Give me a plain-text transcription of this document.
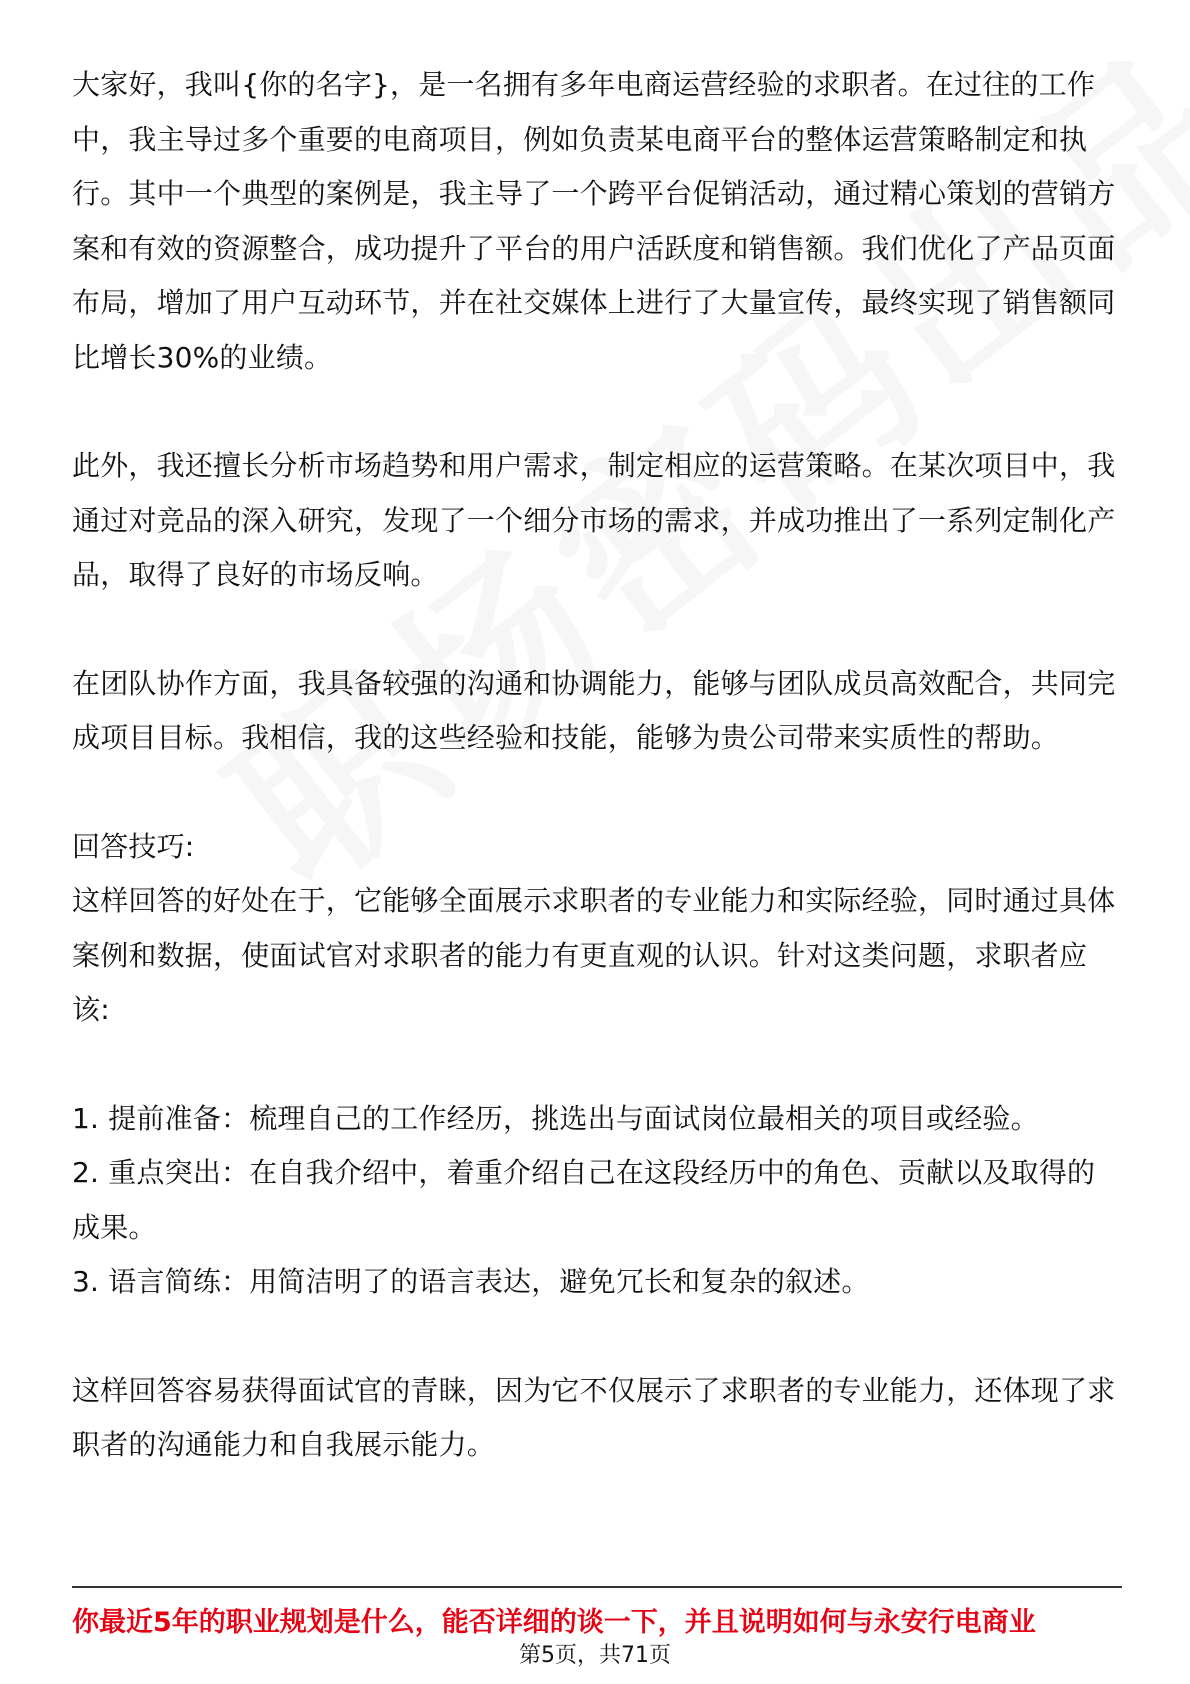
大家好，我叫{你的名字}，是一名拥有多年电商运营经验的求职者。在过往的工作中，我主导过多个重要的电商项目，例如负责某电商平台的整体运营策略制定和执行。其中一个典型的案例是，我主导了一个跨平台促销活动，通过精心策划的营销方案和有效的资源整合，成功提升了平台的用户活跃度和销售额。我们优化了产品页面布局，增加了用户互动环节，并在社交媒体上进行了大量宣传，最终实现了销售额同比增长30%的业绩。

此外，我还擅长分析市场趋势和用户需求，制定相应的运营策略。在某次项目中，我通过对竞品的深入研究，发现了一个细分市场的需求，并成功推出了一系列定制化产品，取得了良好的市场反响。

在团队协作方面，我具备较强的沟通和协调能力，能够与团队成员高效配合，共同完成项目目标。我相信，我的这些经验和技能，能够为贵公司带来实质性的帮助。

回答技巧:

这样回答的好处在于，它能够全面展示求职者的专业能力和实际经验，同时通过具体案例和数据，使面试官对求职者的能力有更直观的认识。针对这类问题，求职者应该:

1. 提前准备：梳理自己的工作经历，挑选出与面试岗位最相关的项目或经验。

2. 重点突出：在自我介绍中，着重介绍自己在这段经历中的角色、贡献以及取得的成果。

3. 语言简练：用简洁明了的语言表达，避免冗长和复杂的叙述。

这样回答容易获得面试官的青睐，因为它不仅展示了求职者的专业能力，还体现了求职者的沟通能力和自我展示能力。

你最近5年的职业规划是什么，能否详细的谈一下，并且说明如何与永安行电商业
第5页，共71页
